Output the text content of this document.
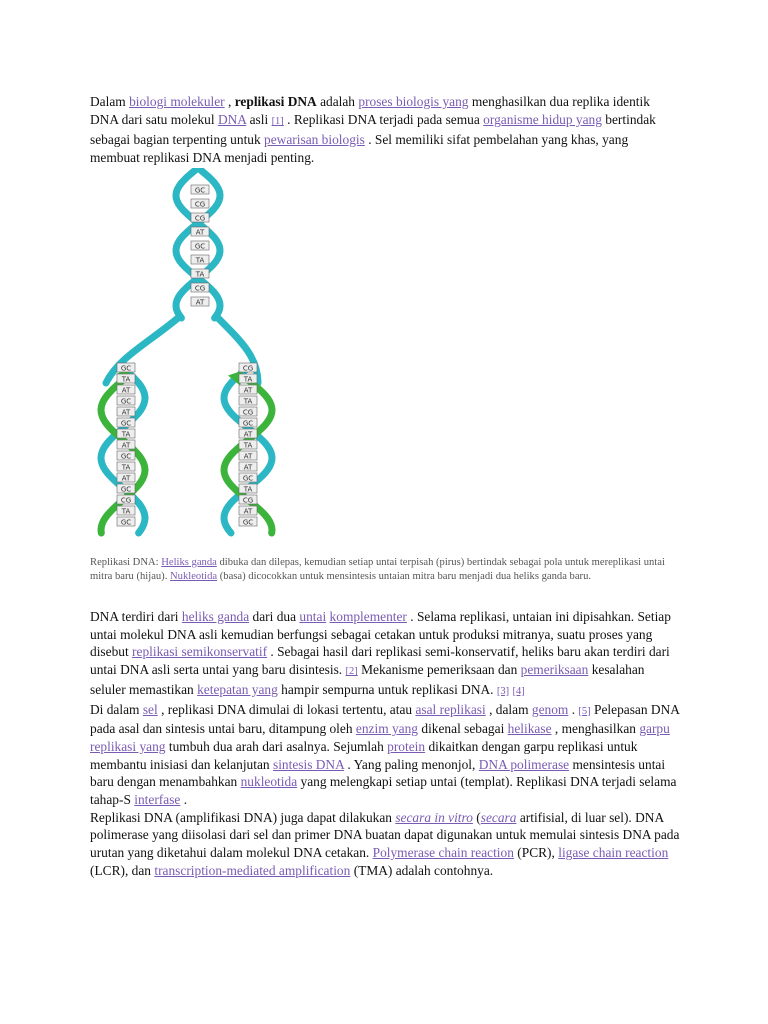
Dalam biologi molekuler , replikasi DNA adalah proses biologis yang menghasilkan dua replika identik DNA dari satu molekul DNA asli [1] . Replikasi DNA terjadi pada semua organisme hidup yang bertindak sebagai bagian terpenting untuk pewarisan biologis . Sel memiliki sifat pembelahan yang khas, yang membuat replikasi DNA menjadi penting.
GC
CG
CG
AT
GC
TA
TA
CG
AT
GC
TA
AT
GC
AT
GC
TA
AT
GC
TA
AT
GC
CG
TA
GC
CG
TA
AT
TA
CG
GC
AT
TA
AT
AT
GC
TA
CG
AT
GC
Replikasi DNA: Heliks ganda dibuka dan dilepas, kemudian setiap untai terpisah (pirus) bertindak sebagai pola untuk mereplikasi untai mitra baru (hijau). Nukleotida (basa) dicocokkan untuk mensintesis untaian mitra baru menjadi dua heliks ganda baru.
DNA terdiri dari heliks ganda dari dua untai komplementer . Selama replikasi, untaian ini dipisahkan. Setiap untai molekul DNA asli kemudian berfungsi sebagai cetakan untuk produksi mitranya, suatu proses yang disebut replikasi semikonservatif . Sebagai hasil dari replikasi semi-konservatif, heliks baru akan terdiri dari untai DNA asli serta untai yang baru disintesis. [2] Mekanisme pemeriksaan dan pemeriksaan kesalahan seluler memastikan ketepatan yang hampir sempurna untuk replikasi DNA. [3] [4]
Di dalam sel , replikasi DNA dimulai di lokasi tertentu, atau asal replikasi , dalam genom . [5] Pelepasan DNA pada asal dan sintesis untai baru, ditampung oleh enzim yang dikenal sebagai helikase , menghasilkan garpu replikasi yang tumbuh dua arah dari asalnya. Sejumlah protein dikaitkan dengan garpu replikasi untuk membantu inisiasi dan kelanjutan sintesis DNA . Yang paling menonjol, DNA polimerase mensintesis untai baru dengan menambahkan nukleotida yang melengkapi setiap untai (templat). Replikasi DNA terjadi selama tahap-S interfase .
Replikasi DNA (amplifikasi DNA) juga dapat dilakukan secara in vitro (secara artifisial, di luar sel). DNA polimerase yang diisolasi dari sel dan primer DNA buatan dapat digunakan untuk memulai sintesis DNA pada urutan yang diketahui dalam molekul DNA cetakan. Polymerase chain reaction (PCR), ligase chain reaction (LCR), dan transcription-mediated amplification (TMA) adalah contohnya.
